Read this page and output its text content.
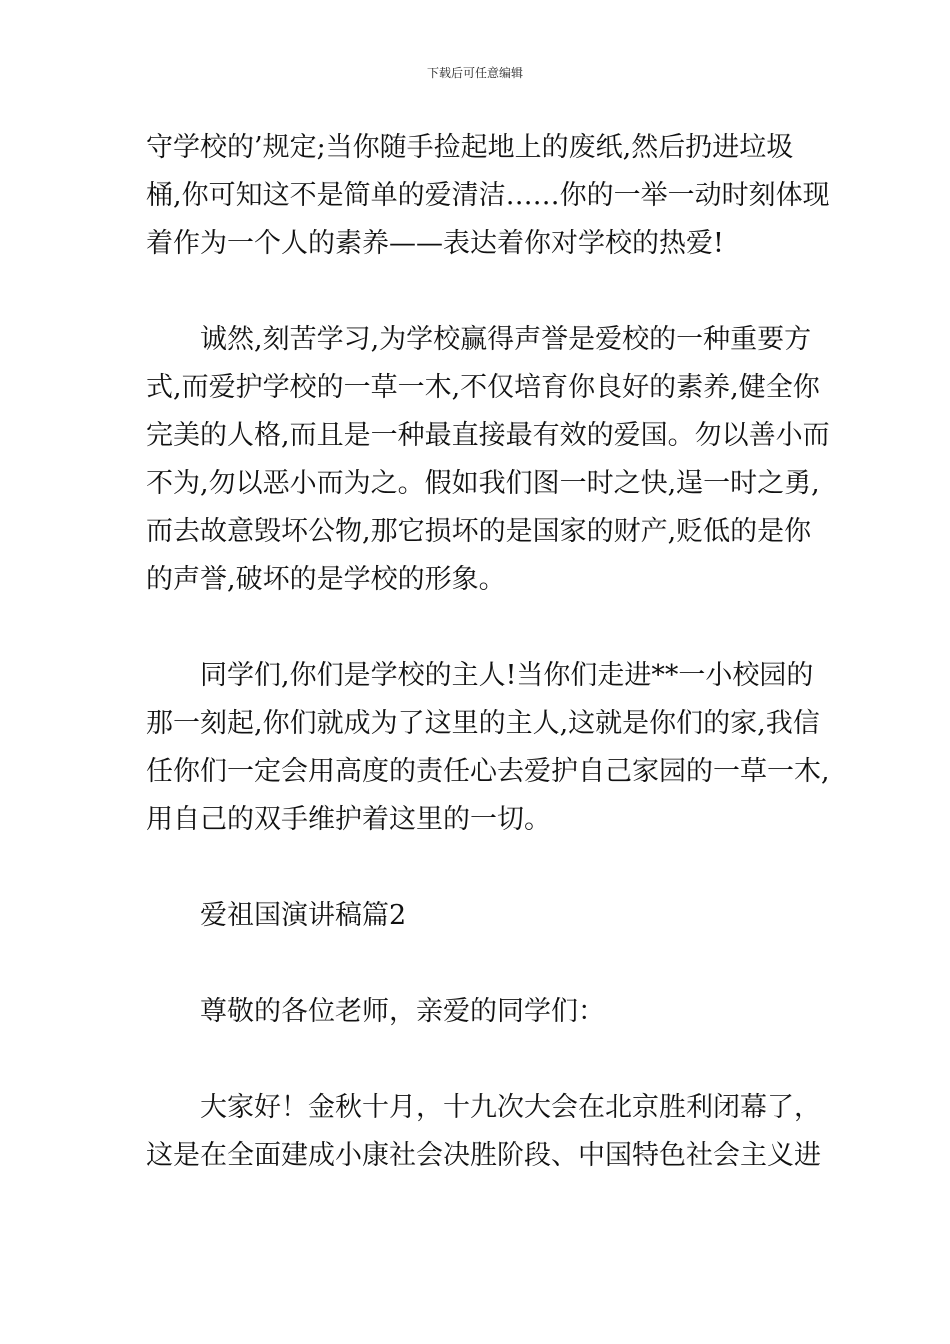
下载后可任意编辑
守学校的’规定;当你随手捡起地上的废纸,然后扔进垃圾
桶,你可知这不是简单的爱清洁……你的一举一动时刻体现
着作为一个人的素养——表达着你对学校的热爱!
诚然,刻苦学习,为学校赢得声誉是爱校的一种重要方
式,而爱护学校的一草一木,不仅培育你良好的素养,健全你
完美的人格,而且是一种最直接最有效的爱国。勿以善小而
不为,勿以恶小而为之。假如我们图一时之快,逞一时之勇,
而去故意毁坏公物,那它损坏的是国家的财产,贬低的是你
的声誉,破坏的是学校的形象。
同学们,你们是学校的主人!当你们走进**一小校园的
那一刻起,你们就成为了这里的主人,这就是你们的家,我信
任你们一定会用高度的责任心去爱护自己家园的一草一木,
用自己的双手维护着这里的一切。
爱祖国演讲稿篇2
尊敬的各位老师，亲爱的同学们：
大家好！金秋十月，十九次大会在北京胜利闭幕了，
这是在全面建成小康社会决胜阶段、中国特色社会主义进
